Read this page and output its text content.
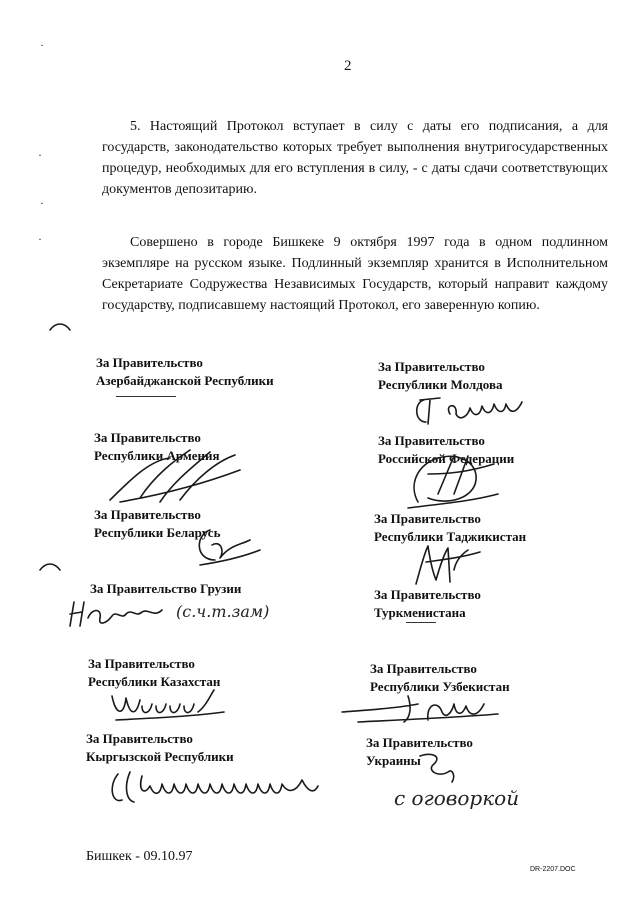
2

5. Настоящий Протокол вступает в силу с даты его подписания, а для государств, законодательство которых требует выполнения внутригосударственных процедур, необходимых для его вступления в силу, - с даты сдачи соответствующих документов депозитарию.

Совершено в городе Бишкеке 9 октября 1997 года в одном подлинном экземпляре на русском языке. Подлинный экземпляр хранится в Исполнительном Секретариате Содружества Независимых Государств, который направит каждому государству, подписавшему настоящий Протокол, его заверенную копию.

За Правительство
Азербайджанской Республики
За Правительство
Республики Армения
За Правительство
Республики Беларусь
За Правительство Грузии
(с.ч.т.зам)
За Правительство
Республики Казахстан
За Правительство
Кыргызской Республики
За Правительство
Республики Молдова
За Правительство
Российской Федерации
За Правительство
Республики Таджикистан
За Правительство
Туркменистана
За Правительство
Республики Узбекистан
За Правительство
Украины
с оговоркой
·
·
·
·
Бишкек - 09.10.97
DR-2207.DOC
